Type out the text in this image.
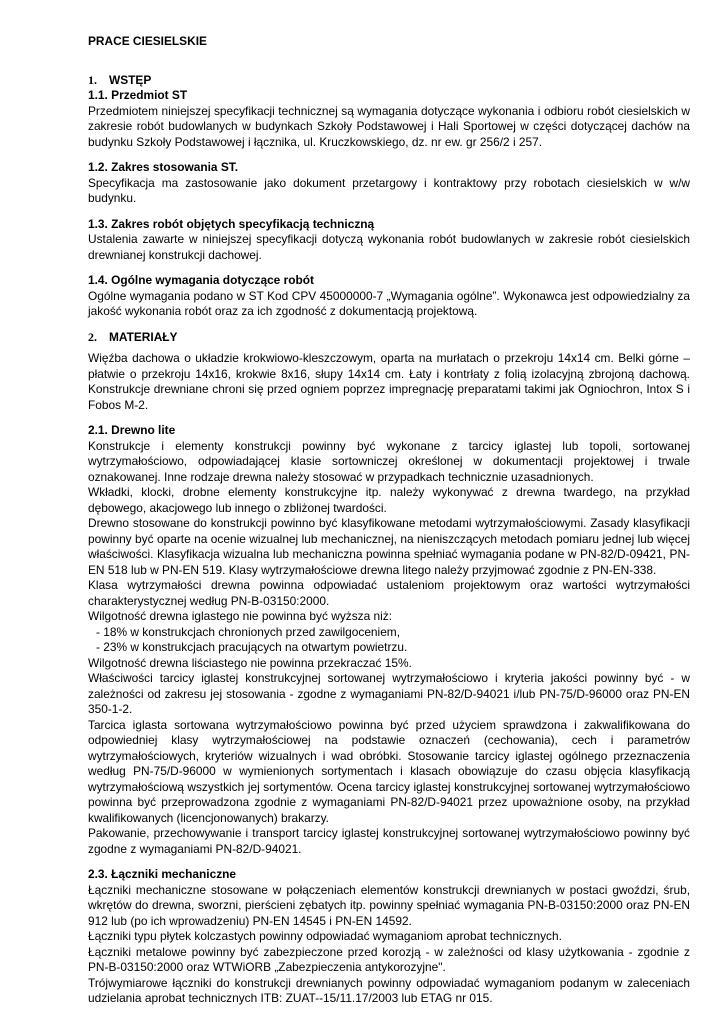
PRACE CIESIELSKIE

1.	WSTĘP

1.1. Przedmiot ST

Przedmiotem niniejszej specyfikacji technicznej są wymagania dotyczące wykonania i odbioru robót ciesielskich w zakresie robót budowlanych w budynkach Szkoły Podstawowej i Hali Sportowej w części dotyczącej dachów na budynku Szkoły Podstawowej i łącznika, ul. Kruczkowskiego, dz. nr ew. gr 256/2 i 257.

1.2. Zakres stosowania ST.

Specyfikacja ma zastosowanie jako dokument przetargowy i kontraktowy przy robotach ciesielskich w w/w budynku.

1.3. Zakres robót objętych specyfikacją techniczną

Ustalenia zawarte w niniejszej specyfikacji dotyczą wykonania robót budowlanych w zakresie robót ciesielskich drewnianej konstrukcji dachowej.

1.4. Ogólne wymagania dotyczące robót

Ogólne wymagania podano w ST Kod CPV 45000000-7 „Wymagania ogólne”. Wykonawca jest odpowiedzialny za jakość wykonania robót oraz za ich zgodność z dokumentacją projektową.

2.	MATERIAŁY

Więźba dachowa o układzie krokwiowo-kleszczowym, oparta na murłatach o przekroju 14x14 cm. Belki górne – płatwie o przekroju 14x16, krokwie 8x16, słupy 14x14 cm. Łaty i kontrłaty z folią izolacyjną zbrojoną dachową. Konstrukcje drewniane chroni się przed ogniem poprzez impregnację preparatami takimi jak Ogniochron, Intox S i Fobos M-2.

2.1. Drewno lite

Konstrukcje i elementy konstrukcji powinny być wykonane z tarcicy iglastej lub topoli, sortowanej wytrzymałościowo, odpowiadającej klasie sortowniczej określonej w dokumentacji projektowej i trwale oznakowanej. Inne rodzaje drewna należy stosować w przypadkach technicznie uzasadnionych.

Wkładki, klocki, drobne elementy konstrukcyjne itp. należy wykonywać z drewna twardego, na przykład dębowego, akacjowego lub innego o zbliżonej twardości.

Drewno stosowane do konstrukcji powinno być klasyfikowane metodami wytrzymałościowymi. Zasady klasyfikacji powinny być oparte na ocenie wizualnej lub mechanicznej, na nieniszczących metodach pomiaru jednej lub więcej właściwości. Klasyfikacja wizualna lub mechaniczna powinna spełniać wymagania podane w PN-82/D-09421, PN-EN 518 lub w PN-EN 519. Klasy wytrzymałościowe drewna litego należy przyjmować zgodnie z PN-EN-338.

Klasa wytrzymałości drewna powinna odpowiadać ustaleniom projektowym oraz wartości wytrzymałości charakterystycznej według PN-B-03150:2000.

Wilgotność drewna iglastego nie powinna być wyższa niż:

- 18% w konstrukcjach chronionych przed zawilgoceniem,

- 23% w konstrukcjach pracujących na otwartym powietrzu.

Wilgotność drewna liściastego nie powinna przekraczać 15%.

Właściwości tarcicy iglastej konstrukcyjnej sortowanej wytrzymałościowo i kryteria jakości powinny być - w zależności od zakresu jej stosowania - zgodne z wymaganiami PN-82/D-94021 i/lub PN-75/D-96000 oraz PN-EN 350-1-2.

Tarcica iglasta sortowana wytrzymałościowo powinna być przed użyciem sprawdzona i zakwalifikowana do odpowiedniej klasy wytrzymałościowej na podstawie oznaczeń (cechowania), cech i parametrów wytrzymałościowych, kryteriów wizualnych i wad obróbki. Stosowanie tarcicy iglastej ogólnego przeznaczenia według PN-75/D-96000 w wymienionych sortymentach i klasach obowiązuje do czasu objęcia klasyfikacją wytrzymałościową wszystkich jej sortymentów. Ocena tarcicy iglastej konstrukcyjnej sortowanej wytrzymałościowo powinna być przeprowadzona zgodnie z wymaganiami PN-82/D-94021 przez upoważnione osoby, na przykład kwalifikowanych (licencjonowanych) brakarzy.

Pakowanie, przechowywanie i transport tarcicy iglastej konstrukcyjnej sortowanej wytrzymałościowo powinny być zgodne z wymaganiami PN-82/D-94021.

2.3. Łączniki mechaniczne

Łączniki mechaniczne stosowane w połączeniach elementów konstrukcji drewnianych w postaci gwoździ, śrub, wkrętów do drewna, sworzni, pierścieni zębatych itp. powinny spełniać wymagania PN-B-03150:2000 oraz PN-EN 912 lub (po ich wprowadzeniu) PN-EN 14545 i PN-EN 14592.

Łączniki typu płytek kolczastych powinny odpowiadać wymaganiom aprobat technicznych.

Łączniki metalowe powinny być zabezpieczone przed korozją - w zależności od klasy użytkowania - zgodnie z PN-B-03150:2000 oraz WTWiORB „Zabezpieczenia antykorozyjne".

Trójwymiarowe łączniki do konstrukcji drewnianych powinny odpowiadać wymaganiom podanym w zaleceniach udzielania aprobat technicznych ITB: ZUAT--15/11.17/2003 lub ETAG nr 015.
